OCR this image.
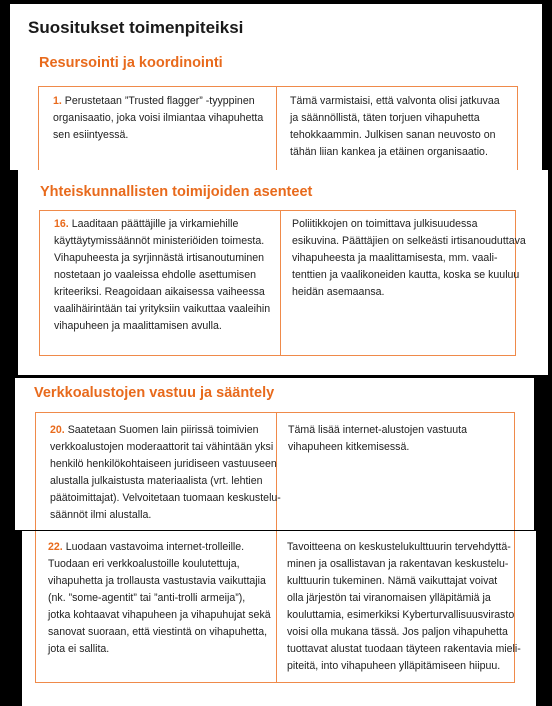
Suositukset toimenpiteiksi
Resursointi ja koordinointi
1. Perustetaan ”Trusted flagger” -tyyppinen
organisaatio, joka voisi ilmiantaa vihapuhetta
sen esiintyessä.
Tämä varmistaisi, että valvonta olisi jatkuvaa
ja säännöllistä, täten torjuen vihapuhetta
tehokkaammin. Julkisen sanan neuvosto on
tähän liian kankea ja etäinen organisaatio.
Yhteiskunnallisten toimijoiden asenteet
16. Laaditaan päättäjille ja virkamiehille
käyttäytymissäännöt ministeriöiden toimesta.
Vihapuheesta ja syrjinnästä irtisanoutuminen
nostetaan jo vaaleissa ehdolle asettumisen
kriteeriksi. Reagoidaan aikaisessa vaiheessa
vaalihäirintään tai yrityksiin vaikuttaa vaaleihin
vihapuheen ja maalittamisen avulla.
Poliitikkojen on toimittava julkisuudessa
esikuvina. Päättäjien on selkeästi irtisanouduttava
vihapuheesta ja maalittamisesta, mm. vaali-
tenttien ja vaalikoneiden kautta, koska se kuuluu
heidän asemaansa.
Verkkoalustojen vastuu ja sääntely
20. Saatetaan Suomen lain piirissä toimivien
verkkoalustojen moderaattorit tai vähintään yksi
henkilö henkilökohtaiseen juridiseen vastuuseen
alustalla julkaistusta materiaalista (vrt. lehtien
päätoimittajat). Velvoitetaan tuomaan keskustelu-
säännöt ilmi alustalla.
Tämä lisää internet-alustojen vastuuta
vihapuheen kitkemisessä.
22. Luodaan vastavoima internet-trolleille.
Tuodaan eri verkkoalustoille koulutettuja,
vihapuhetta ja trollausta vastustavia vaikuttajia
(nk. ”some-agentit” tai ”anti-trolli armeija”),
jotka kohtaavat vihapuheen ja vihapuhujat sekä
sanovat suoraan, että viestintä on vihapuhetta,
jota ei sallita.
Tavoitteena on keskustelukulttuurin tervehdyttä-
minen ja osallistavan ja rakentavan keskustelu-
kulttuurin tukeminen. Nämä vaikuttajat voivat
olla järjestön tai viranomaisen ylläpitämiä ja
kouluttamia, esimerkiksi Kyberturvallisuusvirasto
voisi olla mukana tässä. Jos paljon vihapuhetta
tuottavat alustat tuodaan täyteen rakentavia mieli-
piteitä, into vihapuheen ylläpitämiseen hiipuu.
